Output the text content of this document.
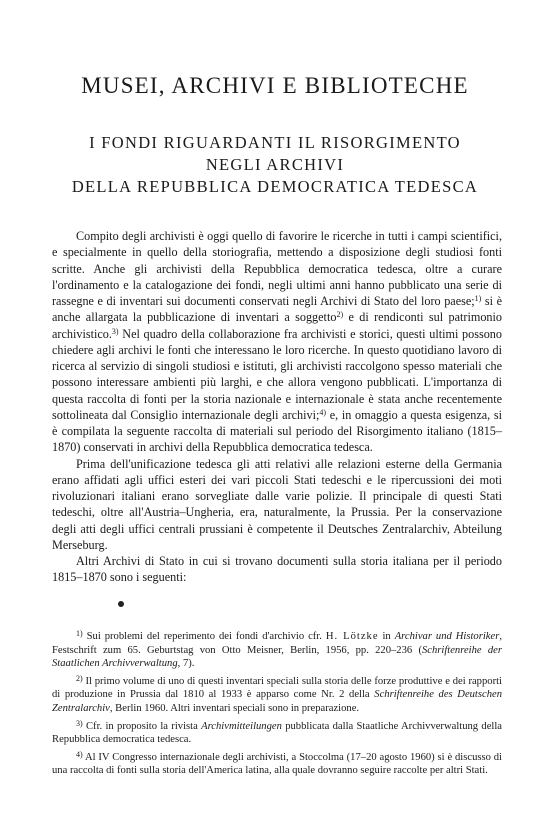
MUSEI, ARCHIVI E BIBLIOTECHE
I FONDI RIGUARDANTI IL RISORGIMENTO
NEGLI ARCHIVI
DELLA REPUBBLICA DEMOCRATICA TEDESCA

Compito degli archivisti è oggi quello di favorire le ricerche in tutti i campi scientifici, e specialmente in quello della storiografia, mettendo a disposizione degli studiosi fonti scritte. Anche gli archivisti della Repubblica democratica tedesca, oltre a curare l'ordinamento e la catalogazione dei fondi, negli ultimi anni hanno pubblicato una serie di rassegne e di inventari sui documenti conservati negli Archivi di Stato del loro paese;$^{1)}$ si è anche allargata la pubblicazione di inventari a soggetto$^{2)}$ e di rendiconti sul patrimonio archivistico.$^{3)}$ Nel quadro della collaborazione fra archivisti e storici, questi ultimi possono chiedere agli archivi le fonti che interessano le loro ricerche. In questo quotidiano lavoro di ricerca al servizio di singoli studiosi e istituti, gli archivisti raccolgono spesso materiali che possono interessare ambienti più larghi, e che allora vengono pubblicati. L'importanza di questa raccolta di fonti per la storia nazionale e internazionale è stata anche recentemente sottolineata dal Consiglio internazionale degli archivi;$^{4)}$ e, in omaggio a questa esigenza, si è compilata la seguente raccolta di materiali sul periodo del Risorgimento italiano (1815–1870) conservati in archivi della Repubblica democratica tedesca.

Prima dell'unificazione tedesca gli atti relativi alle relazioni esterne della Germania erano affidati agli uffici esteri dei vari piccoli Stati tedeschi e le ripercussioni dei moti rivoluzionari italiani erano sorvegliate dalle varie polizie. Il principale di questi Stati tedeschi, oltre all'Austria–Ungheria, era, naturalmente, la Prussia. Per la conservazione degli atti degli uffici centrali prussiani è competente il Deutsches Zentralarchiv, Abteilung Merseburg.

Altri Archivi di Stato in cui si trovano documenti sulla storia italiana per il periodo 1815–1870 sono i seguenti:

$^{1)}$ Sui problemi del reperimento dei fondi d'archivio cfr. H. Lötzke in Archivar und Historiker, Festschrift zum 65. Geburtstag von Otto Meisner, Berlin, 1956, pp. 220–236 (Schriftenreihe der Staatlichen Archivverwaltung, 7).

$^{2)}$ Il primo volume di uno di questi inventari speciali sulla storia delle forze produttive e dei rapporti di produzione in Prussia dal 1810 al 1933 è apparso come Nr. 2 della Schriftenreihe des Deutschen Zentralarchiv, Berlin 1960. Altri inventari speciali sono in preparazione.

$^{3)}$ Cfr. in proposito la rivista Archivmitteilungen pubblicata dalla Staatliche Archivverwaltung della Repubblica democratica tedesca.

$^{4)}$ Al IV Congresso internazionale degli archivisti, a Stoccolma (17–20 agosto 1960) si è discusso di una raccolta di fonti sulla storia dell'America latina, alla quale dovranno seguire raccolte per altri Stati.
